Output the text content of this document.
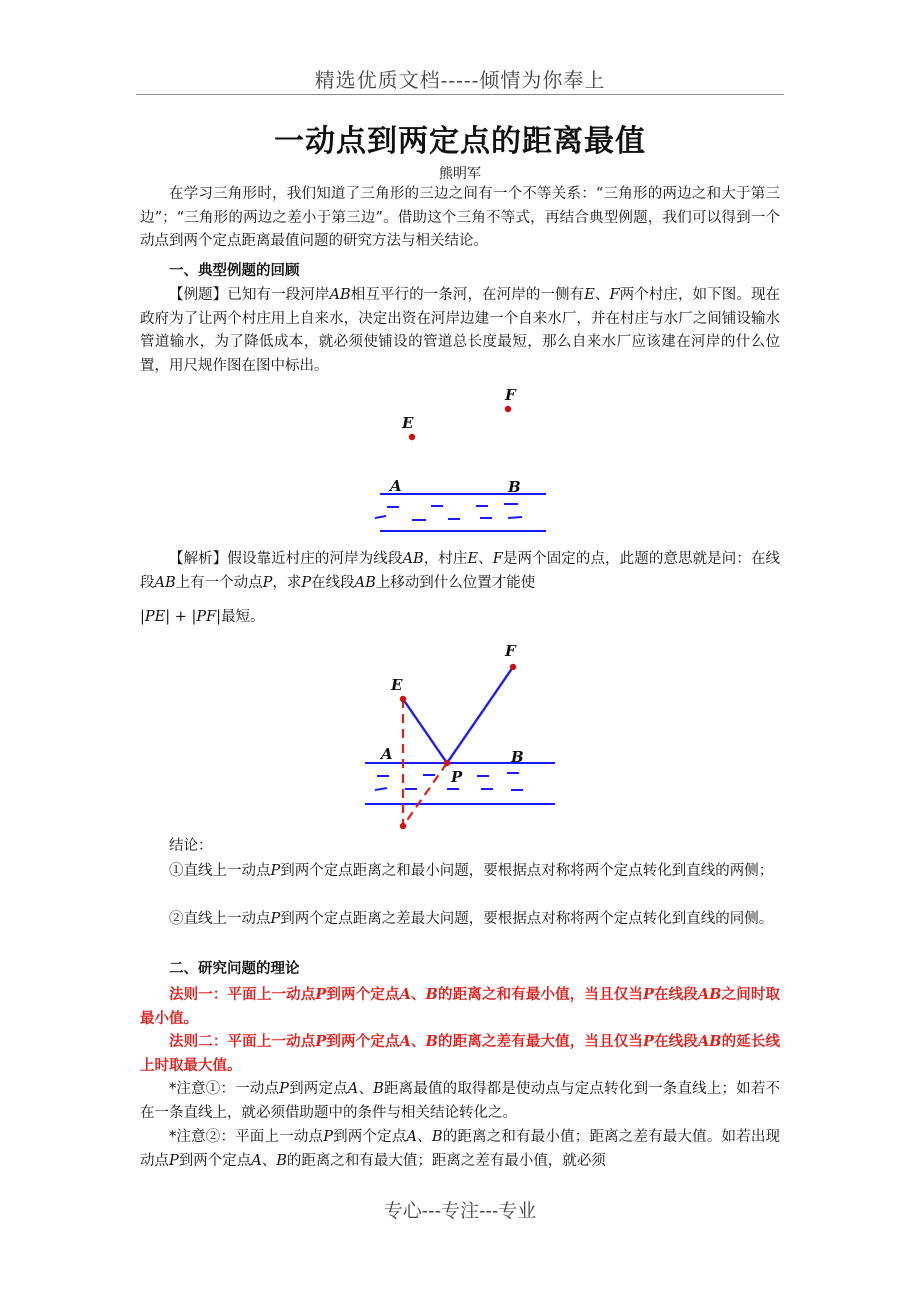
精选优质文档-----倾情为你奉上
一动点到两定点的距离最值
熊明军

在学习三角形时，我们知道了三角形的三边之间有一个不等关系：“三角形的两边之和大于第三边”；“三角形的两边之差小于第三边”。借助这个三角不等式，再结合典型例题，我们可以得到一个动点到两个定点距离最值问题的研究方法与相关结论。

一、典型例题的回顾

【例题】已知有一段河岸AB相互平行的一条河，在河岸的一侧有E、F两个村庄，如下图。现在政府为了让两个村庄用上自来水，决定出资在河岸边建一个自来水厂，并在村庄与水厂之间铺设输水管道输水，为了降低成本，就必须使铺设的管道总长度最短，那么自来水厂应该建在河岸的什么位置，用尺规作图在图中标出。

F
E
A	B

【解析】假设靠近村庄的河岸为线段AB，村庄E、F是两个固定的点，此题的意思就是问：在线段AB上有一个动点P，求P在线段AB上移动到什么位置才能使

|PE| + |PF|最短。

F
E
A	B
P

结论：

①直线上一动点P到两个定点距离之和最小问题，要根据点对称将两个定点转化到直线的两侧；

②直线上一动点P到两个定点距离之差最大问题，要根据点对称将两个定点转化到直线的同侧。

二、研究问题的理论

法则一：平面上一动点P到两个定点A、B的距离之和有最小值，当且仅当P在线段AB之间时取最小值。

法则二：平面上一动点P到两个定点A、B的距离之差有最大值，当且仅当P在线段AB的延长线上时取最大值。

*注意①：一动点P到两定点A、B距离最值的取得都是使动点与定点转化到一条直线上；如若不在一条直线上，就必须借助题中的条件与相关结论转化之。

*注意②：平面上一动点P到两个定点A、B的距离之和有最小值；距离之差有最大值。如若出现动点P到两个定点A、B的距离之和有最大值；距离之差有最小值，就必须

专心---专注---专业
